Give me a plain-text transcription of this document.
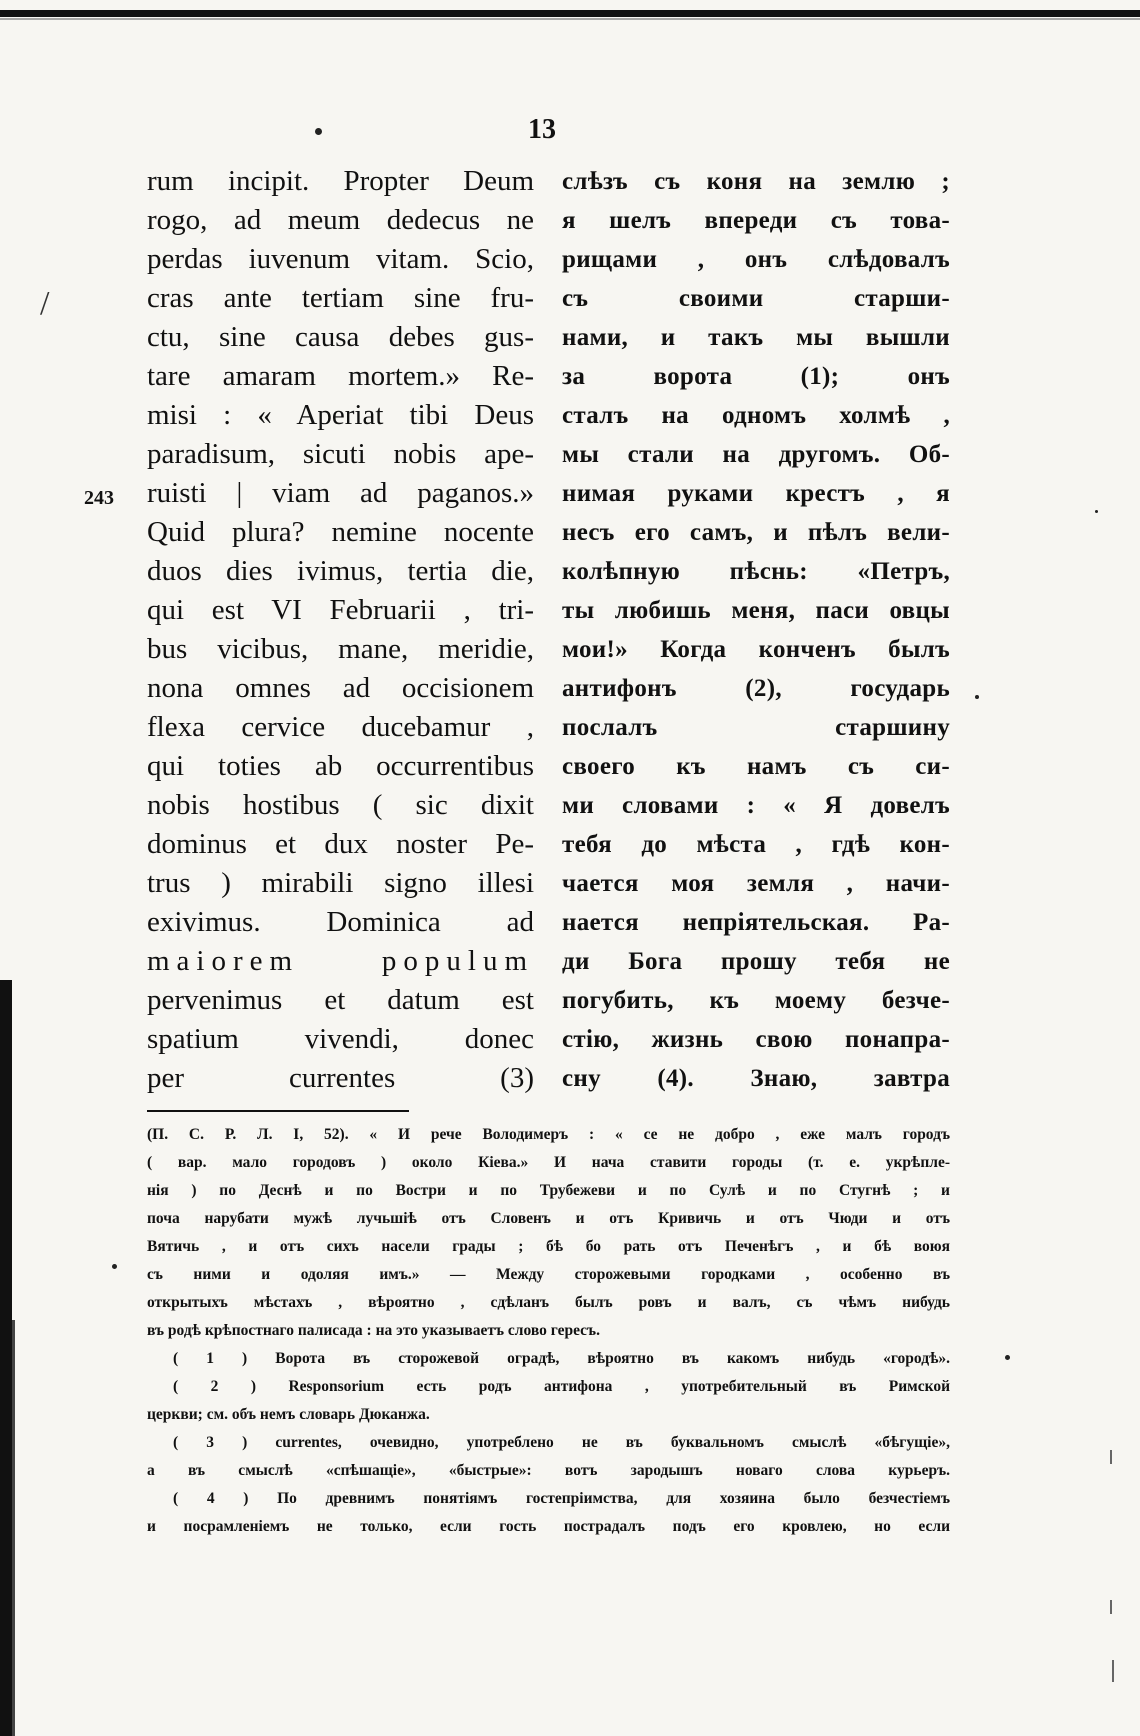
13
/
243
rum incipit. Propter Deum
rogo, ad meum dedecus ne
perdas iuvenum vitam. Scio,
cras ante tertiam sine fru-
ctu, sine causa debes gus-
tare amaram mortem.» Re-
misi : « Aperiat tibi Deus
paradisum, sicuti nobis ape-
ruisti | viam ad paganos.»
Quid plura? nemine nocente
duos dies ivimus, tertia die,
qui est VI Februarii , tri-
bus vicibus, mane, meridie,
nona omnes ad occisionem
flexa cervice ducebamur ,
qui toties ab occurrentibus
nobis hostibus ( sic dixit
dominus et dux noster Pe-
trus ) mirabili signo illesi
exivimus. Dominica ad
maiorem populum
pervenimus et datum est
spatium vivendi, donec
per currentes (3)
слѣзъ съ коня на землю ;
я шелъ впереди съ това-
рищами , онъ слѣдовалъ
съ своими старши-
нами, и такъ мы вышли
за ворота (1); онъ
сталъ на одномъ холмѣ ,
мы стали на другомъ. Об-
нимая руками крестъ , я
несъ его самъ, и пѣлъ вели-
колѣпную пѣснь: «Петръ,
ты любишь меня, паси овцы
мои!» Когда конченъ былъ
антифонъ (2), государь
послалъ старшину
своего къ намъ съ си-
ми словами : « Я довелъ
тебя до мѣста , гдѣ кон-
чается моя земля , начи-
нается непріятельская. Ра-
ди Бога прошу тебя не
погубить, къ моему безче-
стію, жизнь свою понапра-
сну (4). Знаю, завтра
(П. С. Р. Л. I, 52). « И рече Володимеръ : « се не добро , еже малъ городъ
( вар. мало городовъ ) около Кіева.» И нача ставити городы (т. е. укрѣпле-
нія ) по Деснѣ и по Востри и по Трубежеви и по Сулѣ и по Стугнѣ ; и
поча нарубати мужѣ лучьшіѣ отъ Словенъ и отъ Кривичь и отъ Чюди и отъ
Вятичь , и отъ сихъ насели грады ; бѣ бо рать отъ Печенѣгъ , и бѣ воюя
съ ними и одоляя имъ.» — Между сторожевыми городками , особенно въ
открытыхъ мѣстахъ , вѣроятно , сдѣланъ былъ ровъ и валъ, съ чѣмъ нибудь
въ родѣ крѣпостнаго палисада : на это указываетъ слово гересъ.
( 1 ) Ворота въ сторожевой оградѣ, вѣроятно въ какомъ нибудь «городѣ».
( 2 ) Responsorium есть родъ антифона , употребительный въ Римской
церкви; см. объ немъ словарь Дюканжа.
( 3 ) currentes, очевидно, употреблено не въ буквальномъ смыслѣ «бѣгущіе»,
а въ смыслѣ «спѣшащіе», «быстрые»: вотъ зародышъ новаго слова курьеръ.
( 4 ) По древнимъ понятіямъ гостепріимства, для хозяина было безчестіемъ
и посрамленіемъ не только, если гость пострадалъ подъ его кровлею, но если
